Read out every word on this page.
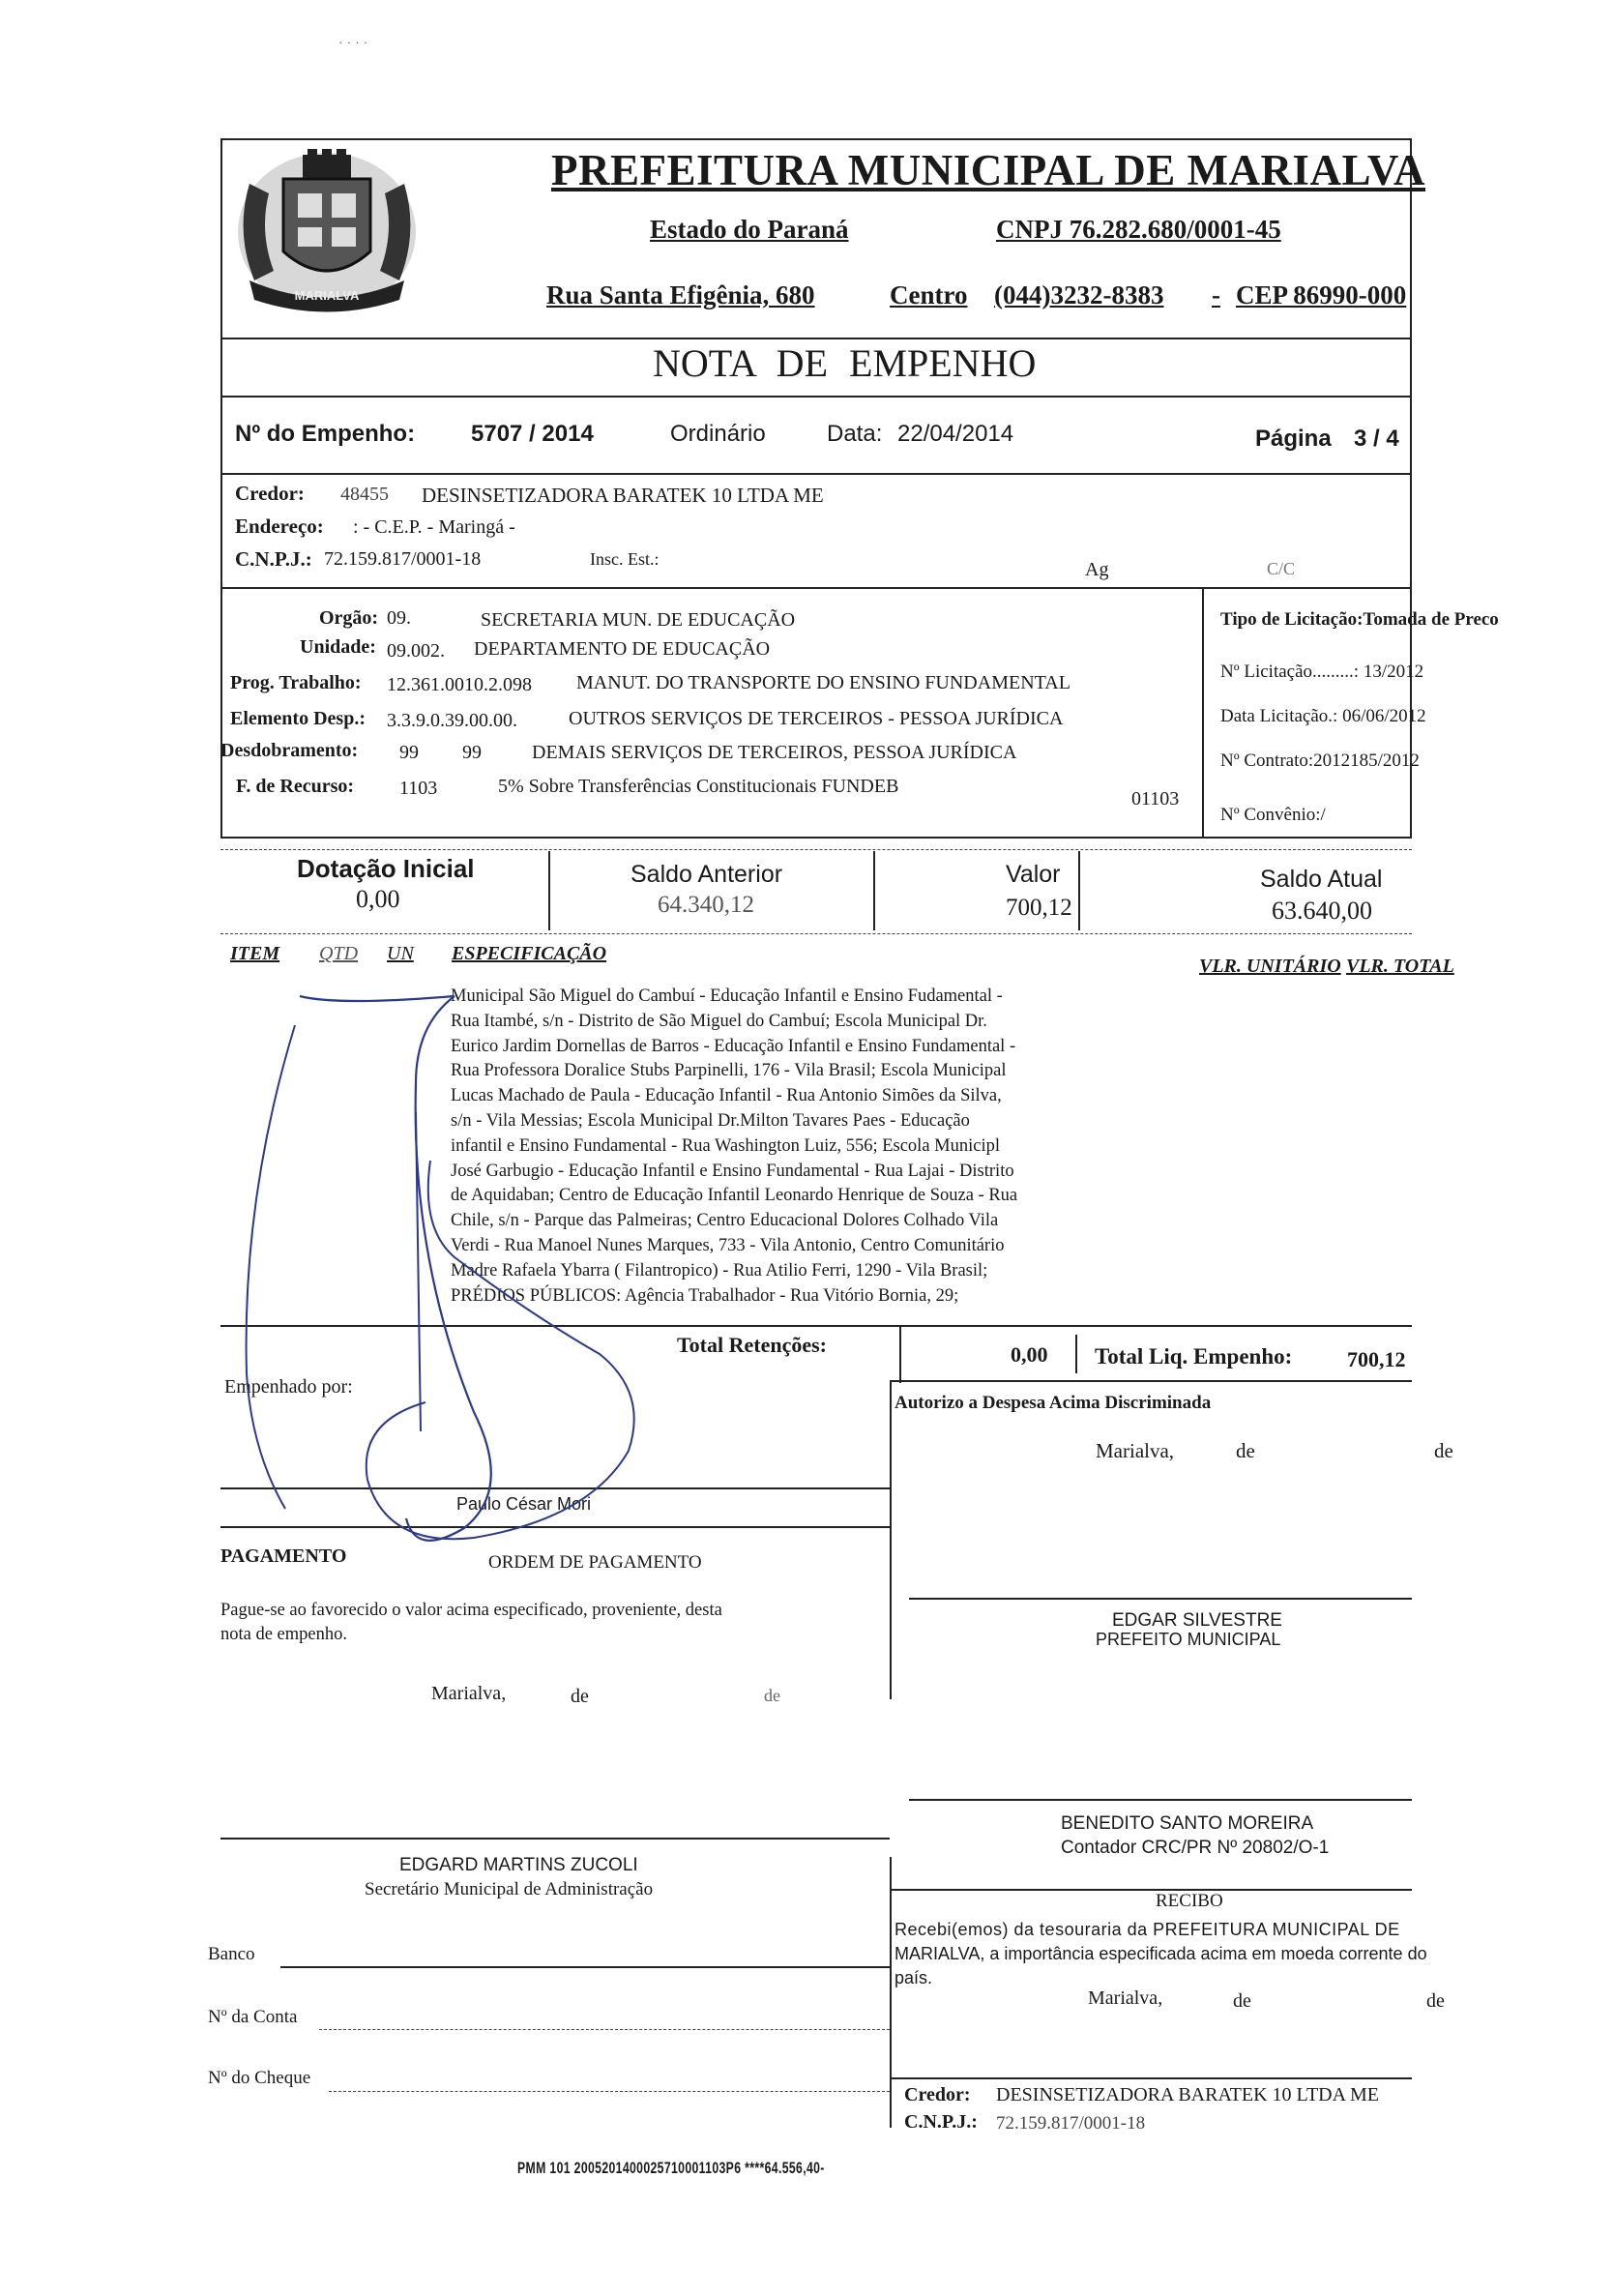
· · · ·
MARIALVA
PREFEITURA MUNICIPAL DE MARIALVA
Estado do Paraná	CNPJ 76.282.680/0001-45
Rua Santa Efigênia, 680	Centro (044)3232-8383 - CEP 86990-000
NOTA DE EMPENHO
Nº do Empenho: 5707 / 2014	Ordinário	Data: 22/04/2014	Página 3 / 4
Credor: 48455 DESINSETIZADORA BARATEK 10 LTDA ME
Endereço: : - C.E.P. - Maringá -
C.N.P.J.: 72.159.817/0001-18	Insc. Est.:	Ag	C/C
Orgão: 09.	SECRETARIA MUN. DE EDUCAÇÃO
Unidade: 09.002. DEPARTAMENTO DE EDUCAÇÃO
Prog. Trabalho: 12.361.0010.2.098 MANUT. DO TRANSPORTE DO ENSINO FUNDAMENTAL
Elemento Desp.: 3.3.9.0.39.00.00.	OUTROS SERVIÇOS DE TERCEIROS - PESSOA JURÍDICA
Desdobramento: 99 99	DEMAIS SERVIÇOS DE TERCEIROS, PESSOA JURÍDICA
F. de Recurso: 1103	5% Sobre Transferências Constitucionais FUNDEB
01103
Tipo de Licitação:Tomada de Preco
Nº Licitação.........: 13/2012
Data Licitação.: 06/06/2012
Nº Contrato:2012185/2012
Nº Convênio:/
Dotação Inicial
0,00
Saldo Anterior
64.340,12
Valor
700,12
Saldo Atual
63.640,00
ITEM QTD UN ESPECIFICAÇÃO
VLR. UNITÁRIO VLR. TOTAL
Municipal São Miguel do Cambuí - Educação Infantil e Ensino Fudamental -
Rua Itambé, s/n - Distrito de São Miguel do Cambuí; Escola Municipal Dr.
Eurico Jardim Dornellas de Barros - Educação Infantil e Ensino Fundamental -
Rua Professora Doralice Stubs Parpinelli, 176 - Vila Brasil; Escola Municipal
Lucas Machado de Paula - Educação Infantil - Rua Antonio Simões da Silva,
s/n - Vila Messias; Escola Municipal Dr.Milton Tavares Paes - Educação
infantil e Ensino Fundamental - Rua Washington Luiz, 556; Escola Municipl
José Garbugio - Educação Infantil e Ensino Fundamental - Rua Lajai - Distrito
de Aquidaban; Centro de Educação Infantil Leonardo Henrique de Souza - Rua
Chile, s/n - Parque das Palmeiras; Centro Educacional Dolores Colhado Vila
Verdi - Rua Manoel Nunes Marques, 733 - Vila Antonio, Centro Comunitário
Madre Rafaela Ybarra ( Filantropico) - Rua Atilio Ferri, 1290 - Vila Brasil;
PRÉDIOS PÚBLICOS: Agência Trabalhador - Rua Vitório Bornia, 29;
Total Retenções:	0,00 Total Liq. Empenho:	700,12
Empenhado por:
Paulo César Mori
Autorizo a Despesa Acima Discriminada
Marialva,	de	de
PAGAMENTO	ORDEM DE PAGAMENTO
Pague-se ao favorecido o valor acima especificado, proveniente, desta
nota de empenho.
Marialva,	de	de
EDGAR SILVESTRE
PREFEITO MUNICIPAL
BENEDITO SANTO MOREIRA
Contador CRC/PR Nº 20802/O-1
EDGARD MARTINS ZUCOLI
Secretário Municipal de Administração
RECIBO
Recebi(emos) da tesouraria da PREFEITURA MUNICIPAL DE
MARIALVA, a importância especificada acima em moeda corrente do
país.
Marialva,	de	de
Credor: DESINSETIZADORA BARATEK 10 LTDA ME
C.N.P.J.: 72.159.817/0001-18
Banco
Nº da Conta
Nº do Cheque
PMM 101 2005201400025710001103P6 ****64.556,40-
